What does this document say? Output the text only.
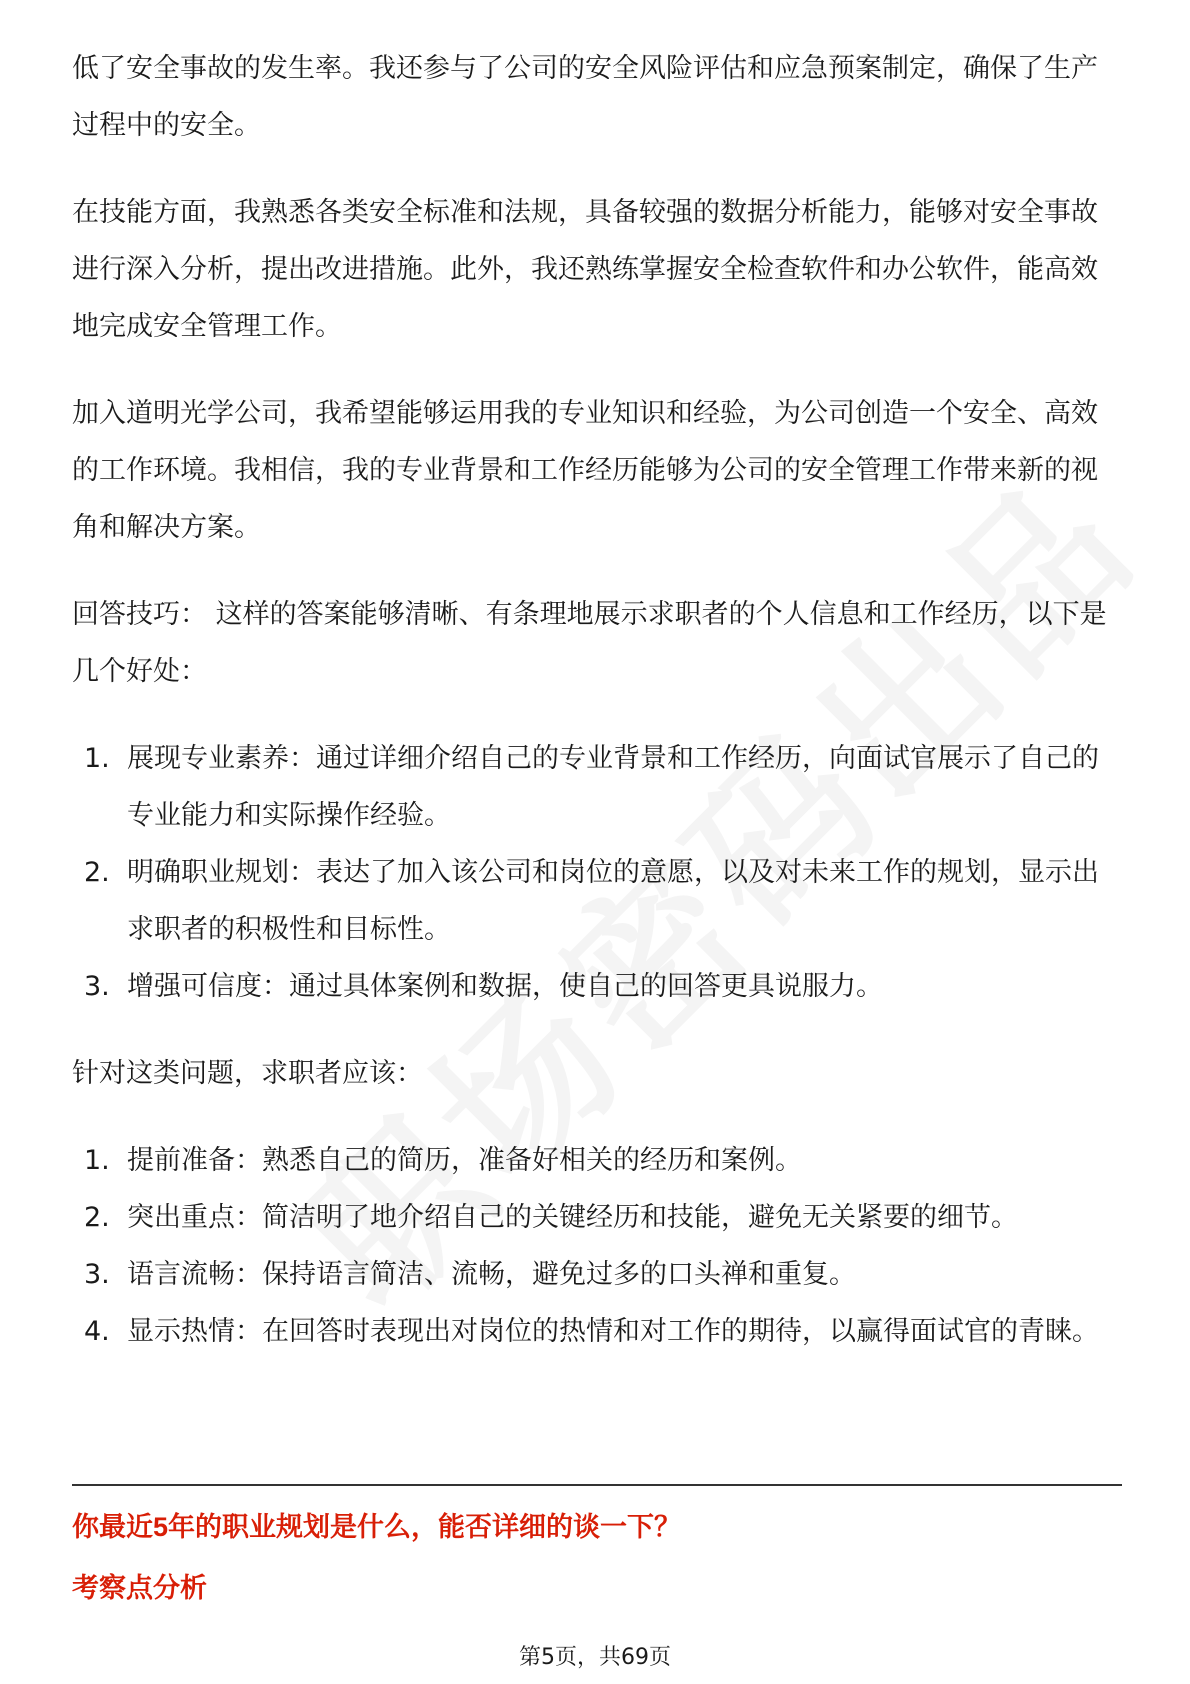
低了安全事故的发生率。我还参与了公司的安全风险评估和应急预案制定，确保了生产过程中的安全。

在技能方面，我熟悉各类安全标准和法规，具备较强的数据分析能力，能够对安全事故进行深入分析，提出改进措施。此外，我还熟练掌握安全检查软件和办公软件，能高效地完成安全管理工作。

加入道明光学公司，我希望能够运用我的专业知识和经验，为公司创造一个安全、高效的工作环境。我相信，我的专业背景和工作经历能够为公司的安全管理工作带来新的视角和解决方案。

回答技巧： 这样的答案能够清晰、有条理地展示求职者的个人信息和工作经历，以下是几个好处：

1. 展现专业素养：通过详细介绍自己的专业背景和工作经历，向面试官展示了自己的专业能力和实际操作经验。
2. 明确职业规划：表达了加入该公司和岗位的意愿，以及对未来工作的规划，显示出求职者的积极性和目标性。
3. 增强可信度：通过具体案例和数据，使自己的回答更具说服力。

针对这类问题，求职者应该：

1. 提前准备：熟悉自己的简历，准备好相关的经历和案例。
2. 突出重点：简洁明了地介绍自己的关键经历和技能，避免无关紧要的细节。
3. 语言流畅：保持语言简洁、流畅，避免过多的口头禅和重复。
4. 显示热情：在回答时表现出对岗位的热情和对工作的期待，以赢得面试官的青睐。
你最近5年的职业规划是什么，能否详细的谈一下？
考察点分析
第5页，共69页
